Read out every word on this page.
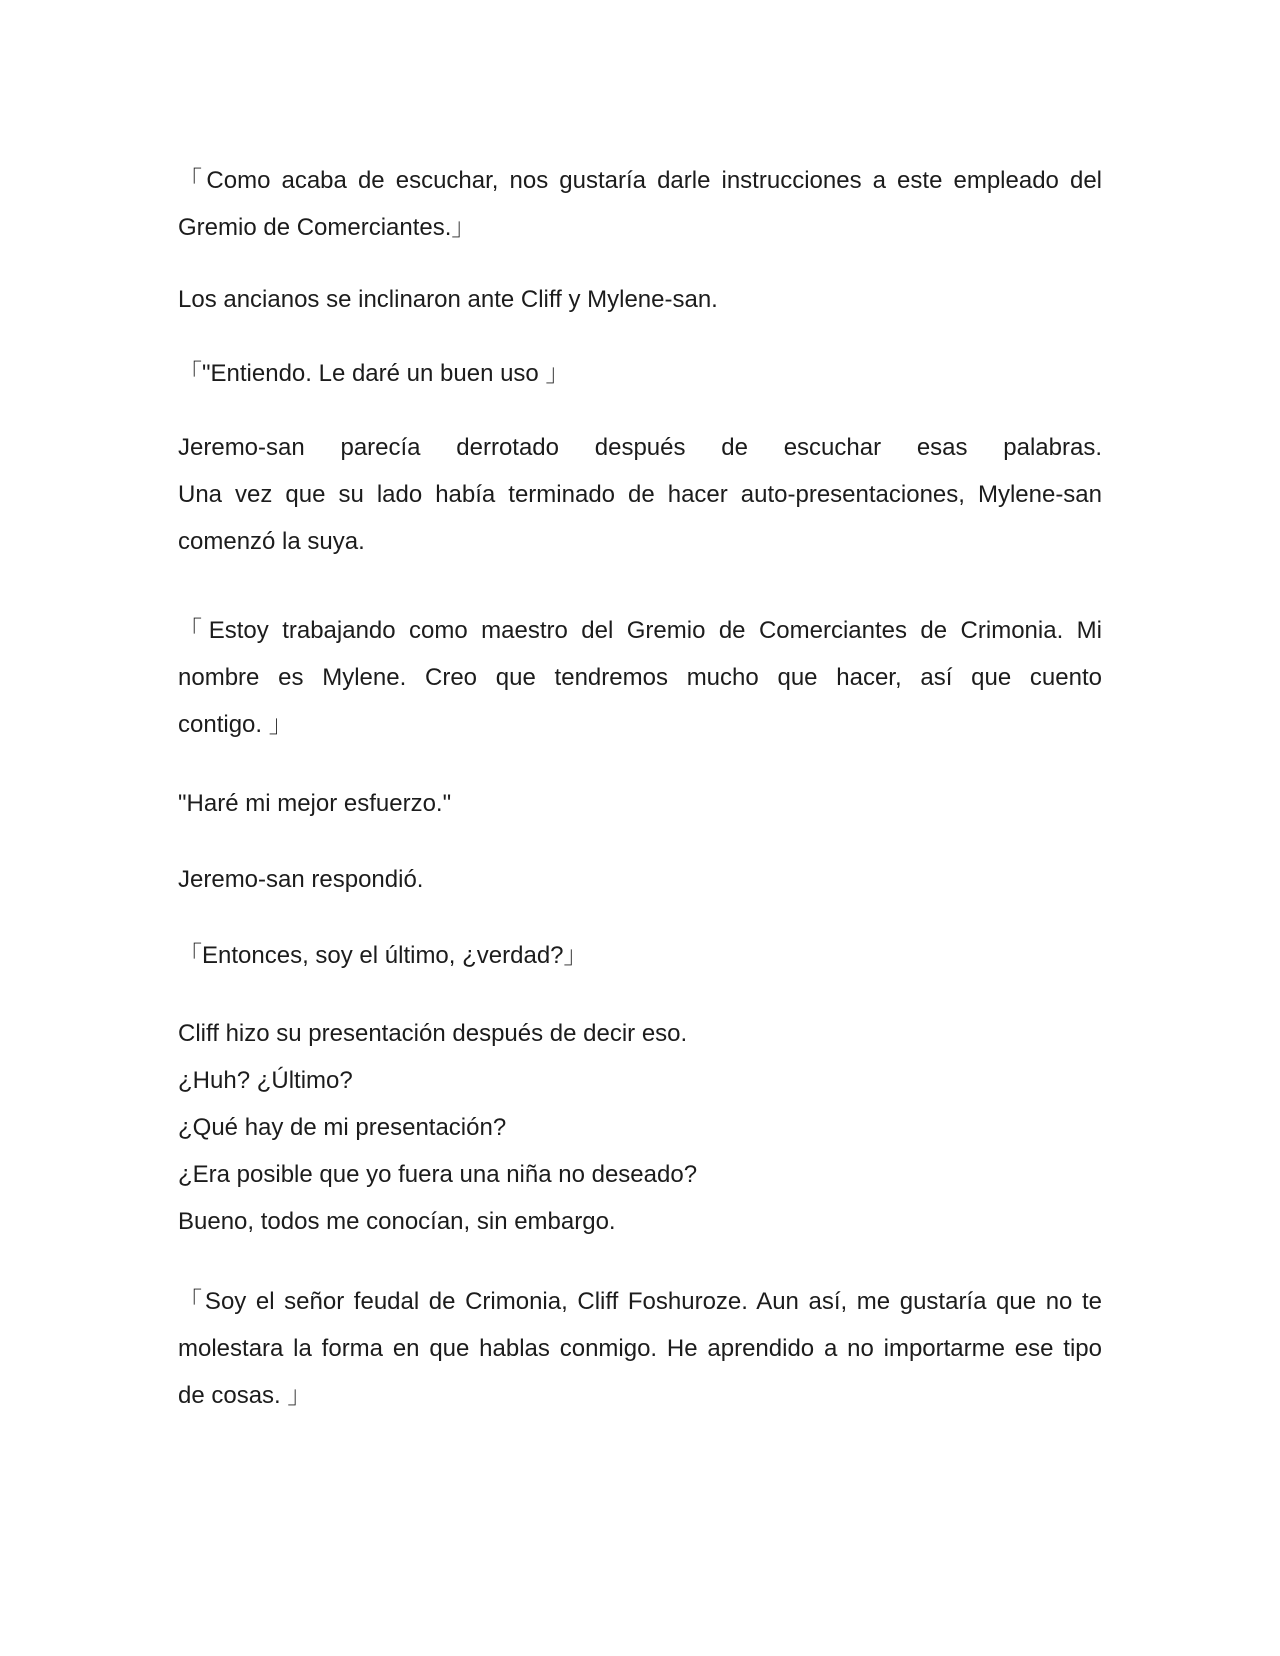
「Como acaba de escuchar, nos gustaría darle instrucciones a este empleado del
Gremio de Comerciantes.」

Los ancianos se inclinaron ante Cliff y Mylene-san.

「"Entiendo. Le daré un buen uso 」

Jeremo-san parecía derrotado después de escuchar esas palabras.
Una vez que su lado había terminado de hacer auto-presentaciones, Mylene-san
comenzó la suya.

「Estoy trabajando como maestro del Gremio de Comerciantes de Crimonia. Mi
nombre es Mylene. Creo que tendremos mucho que hacer, así que cuento
contigo. 」

"Haré mi mejor esfuerzo."

Jeremo-san respondió.

「Entonces, soy el último, ¿verdad?」

Cliff hizo su presentación después de decir eso.
¿Huh? ¿Último?
¿Qué hay de mi presentación?
¿Era posible que yo fuera una niña no deseado?
Bueno, todos me conocían, sin embargo.

「Soy el señor feudal de Crimonia, Cliff Foshuroze. Aun así, me gustaría que no te
molestara la forma en que hablas conmigo. He aprendido a no importarme ese tipo
de cosas. 」
